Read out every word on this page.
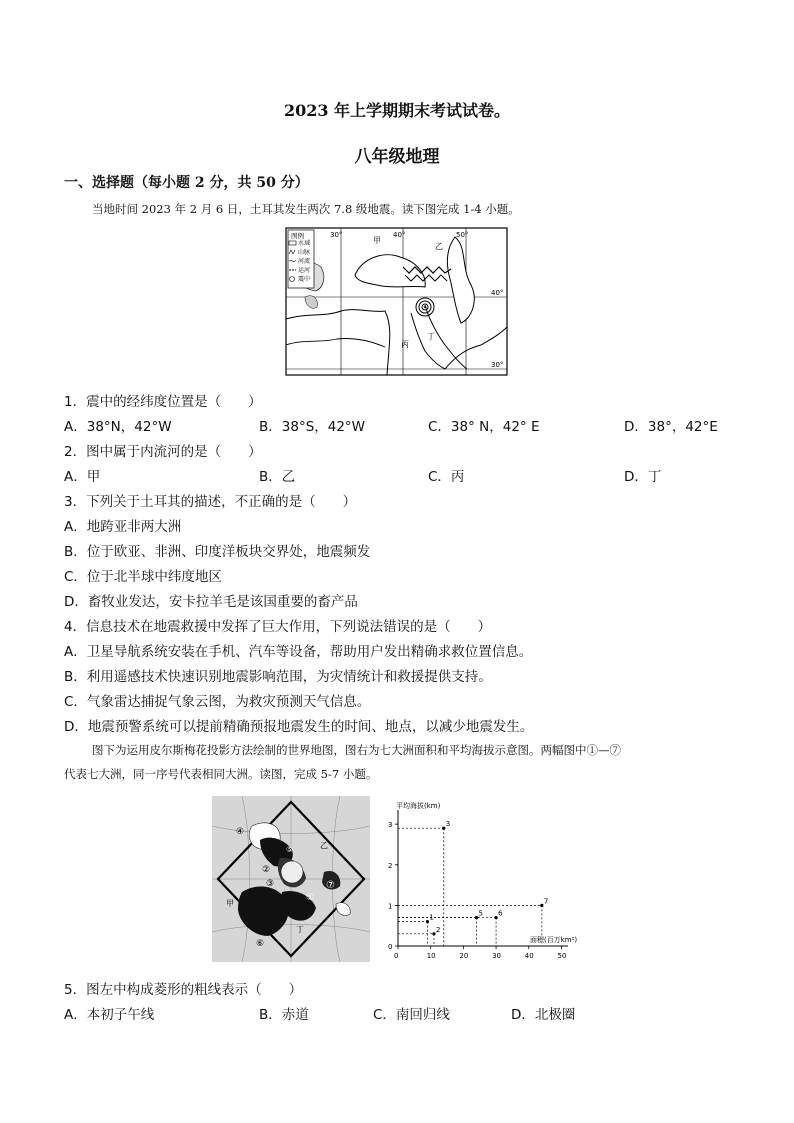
2023 年上学期期末考试试卷。
八年级地理
一、选择题（每小题 2 分，共 50 分）
当地时间 2023 年 2 月 6 日，土耳其发生两次 7.8 级地震。读下图完成 1-4 小题。
图例
水域
山脉
河流
运河
震中
30°	40°	50°
40°
30°
甲
乙
丙
丁
1．震中的经纬度位置是（　　）
A．38°N，42°W	B．38°S，42°W	C．38° N，42° E	D．38°，42°E
2．图中属于内流河的是（　　）
A．甲	B．乙	C．丙	D．丁
3．下列关于土耳其的描述，不正确的是（　　）
A．地跨亚非两大洲
B．位于欧亚、非洲、印度洋板块交界处，地震频发
C．位于北半球中纬度地区
D．畜牧业发达，安卡拉羊毛是该国重要的畜产品
4．信息技术在地震救援中发挥了巨大作用，下列说法错误的是（　　）
A．卫星导航系统安装在手机、汽车等设备，帮助用户发出精确求救位置信息。
B．利用遥感技术快速识别地震影响范围，为灾情统计和救援提供支持。
C．气象雷达捕捉气象云图，为救灾预测天气信息。
D．地震预警系统可以提前精确预报地震发生的时间、地点，以减少地震发生。
图下为运用皮尔斯梅花投影方法绘制的世界地图，图右为七大洲面积和平均海拔示意图。两幅图中①—⑦
代表七大洲，同一序号代表相同大洲。读图，完成 5-7 小题。
④
⑤
②
③	⑦
①
⑥
甲
乙
丁
0	10	20	30	40	50
0
1
2
3
平均海拔(km)
面积(百万km²)
3
7
6
5
1
2
5．图左中构成菱形的粗线表示（　　）
A．本初子午线	B．赤道	C．南回归线	D．北极圈
